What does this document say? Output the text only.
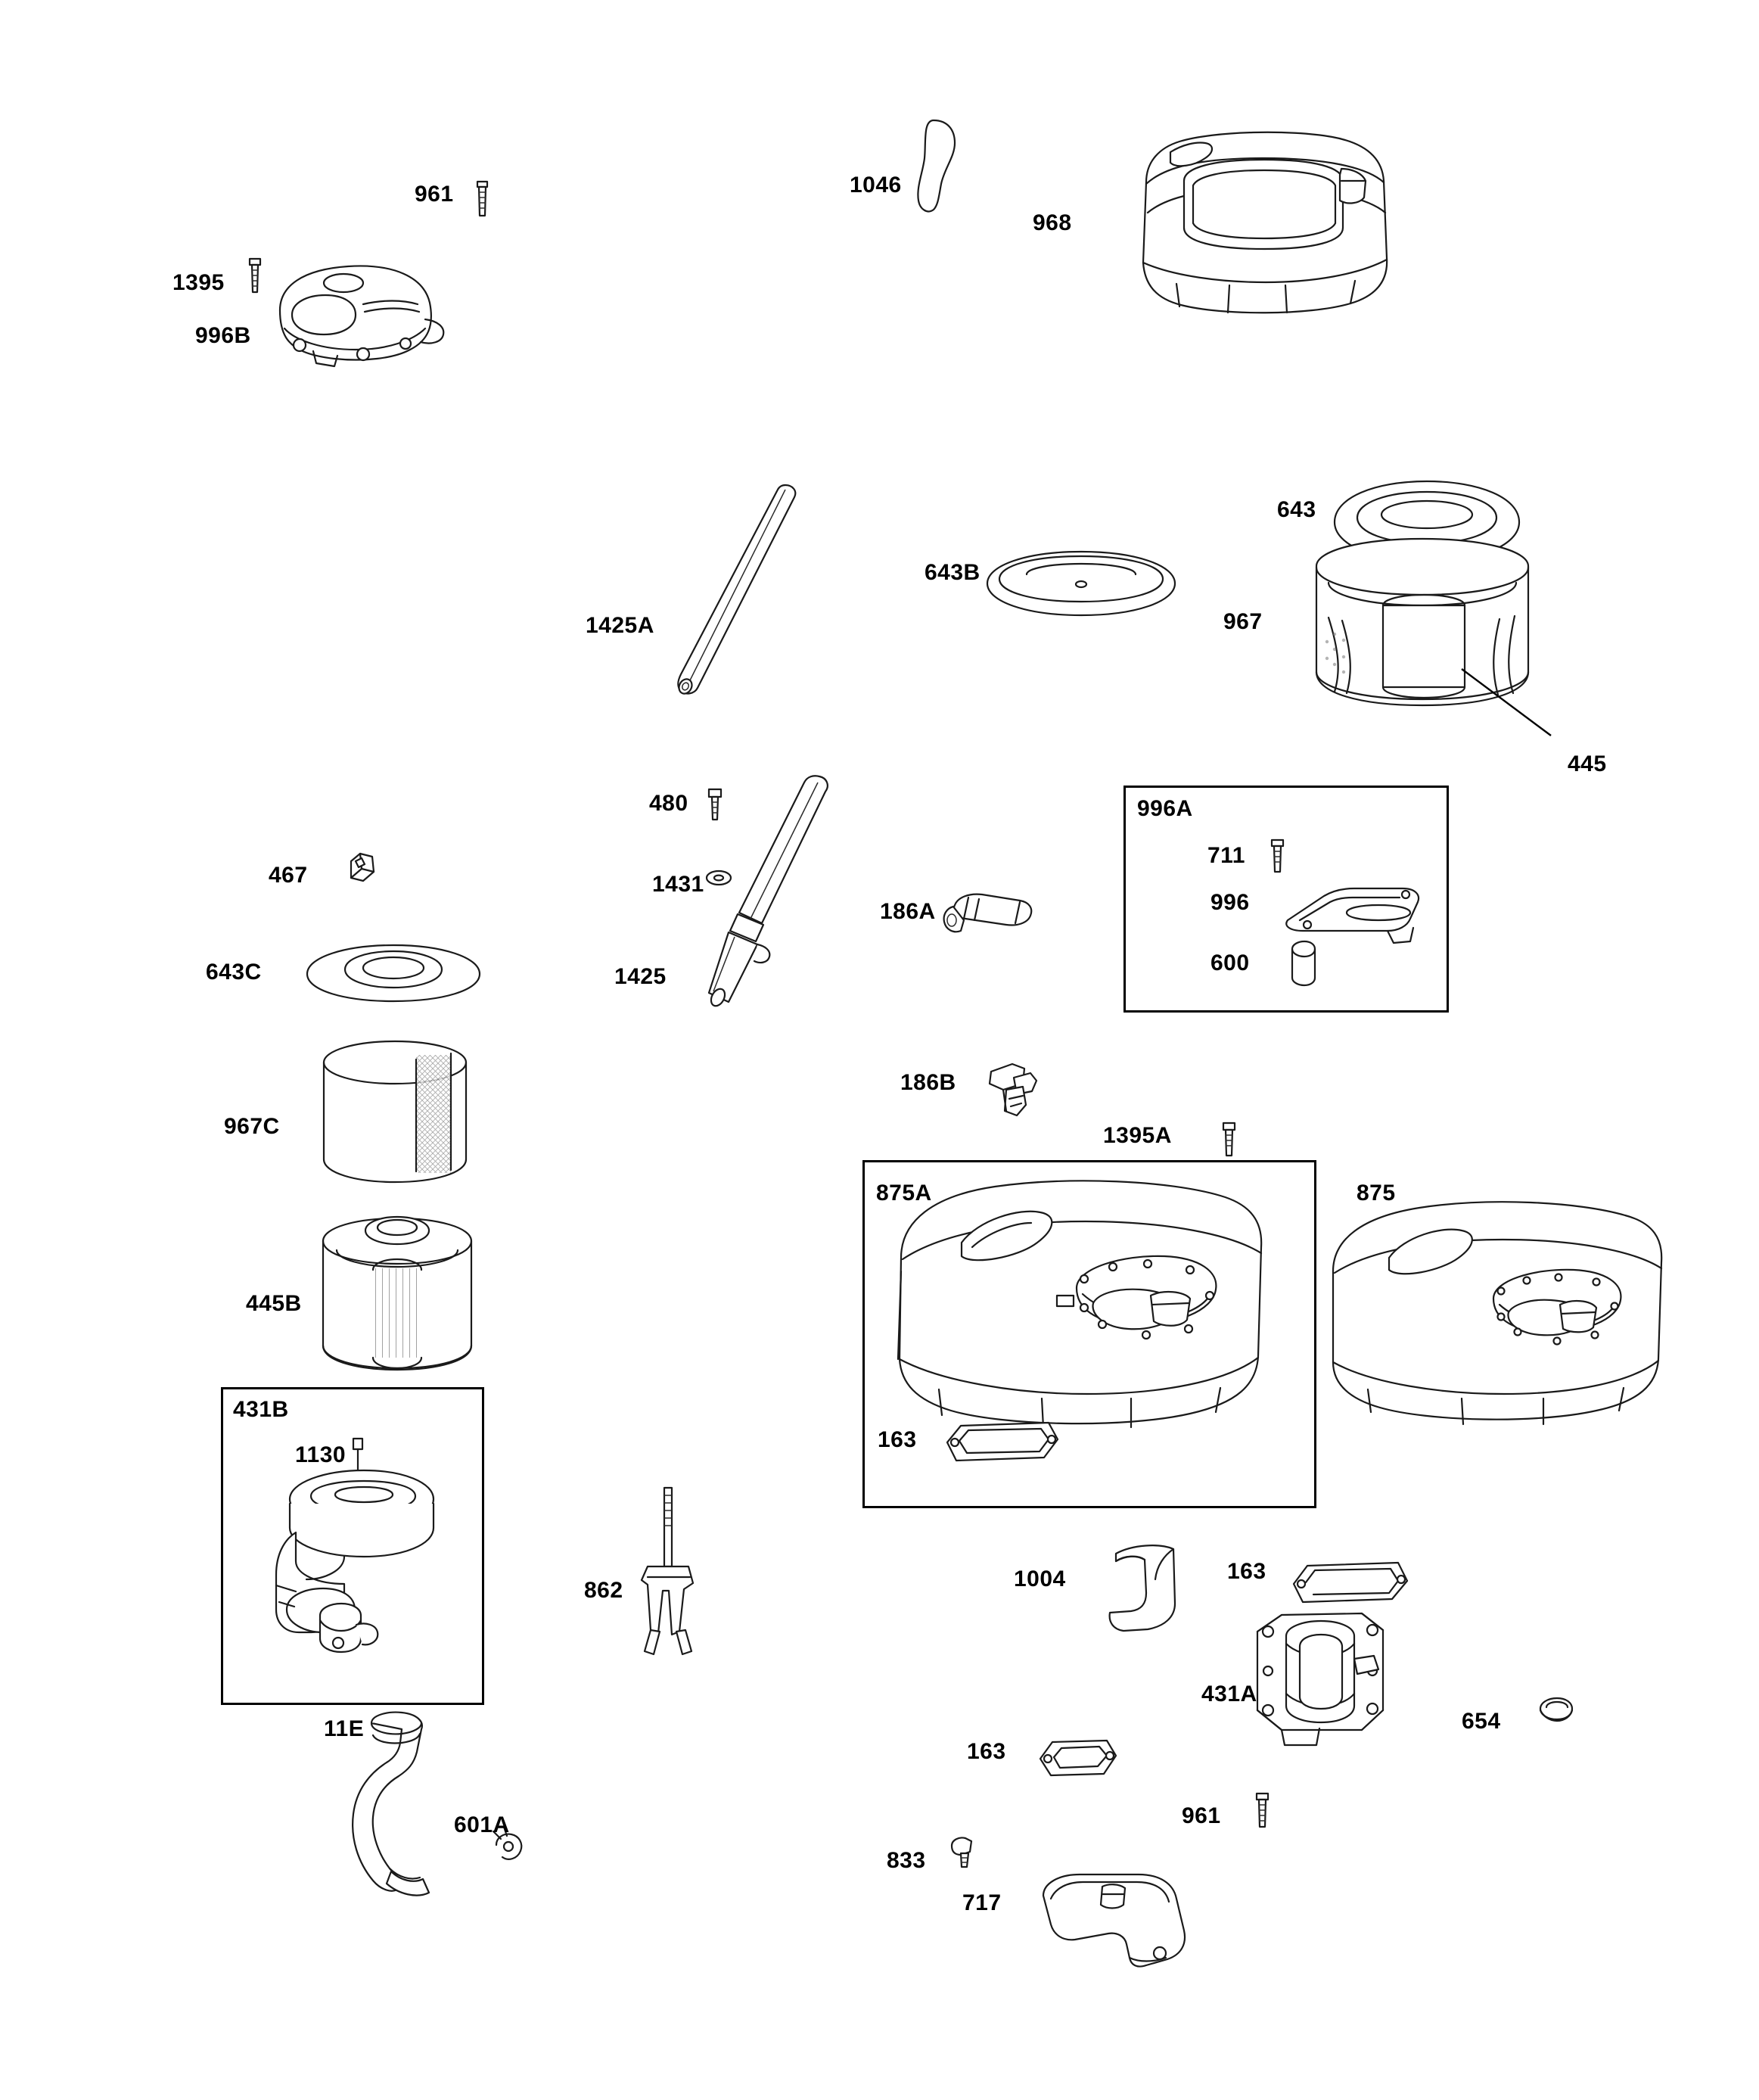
961	1046
968
1395
996B
643
643B
967
1425A
445
480	996A
467	1431
711
186A	996
1425
643C	600
186B
1395A
967C
875A	875
445B
431B
163
1130
862	1004	163
431A
654
11E
163
601A	961
833
717
